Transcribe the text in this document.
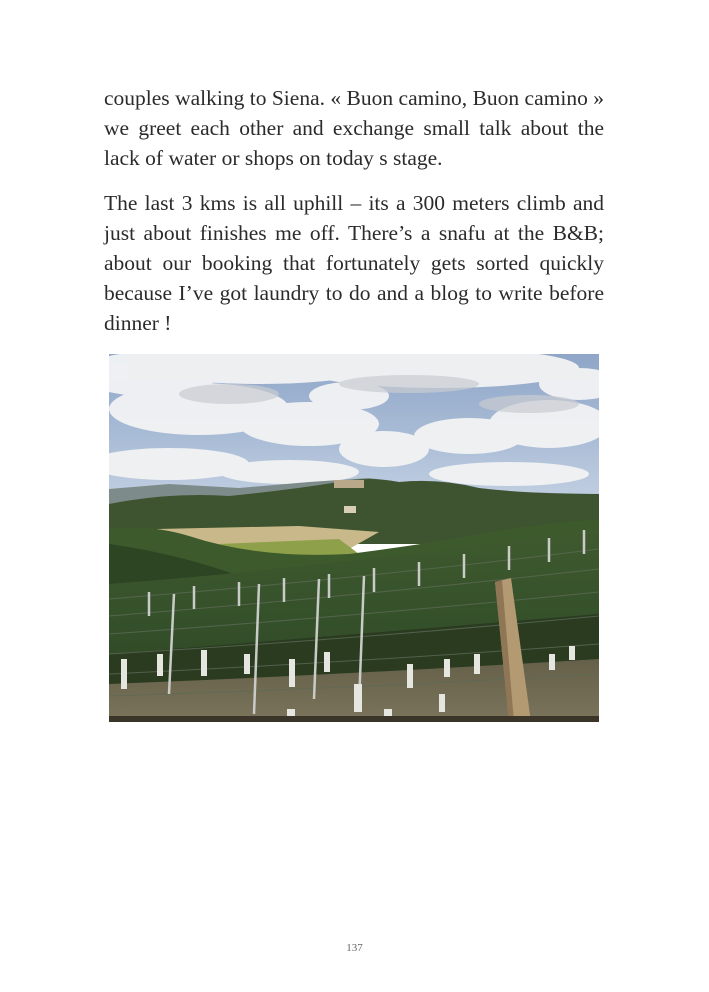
couples walking to Siena. « Buon camino, Buon camino » we greet each other and exchange small talk about the lack of water or shops on today s stage.

The last 3 kms is all uphill – its a 300 meters climb and just about finishes me off. There’s a snafu at the B&B; about our booking that fortunately gets sorted quickly because I’ve got laundry to do and a blog to write before dinner !

137
